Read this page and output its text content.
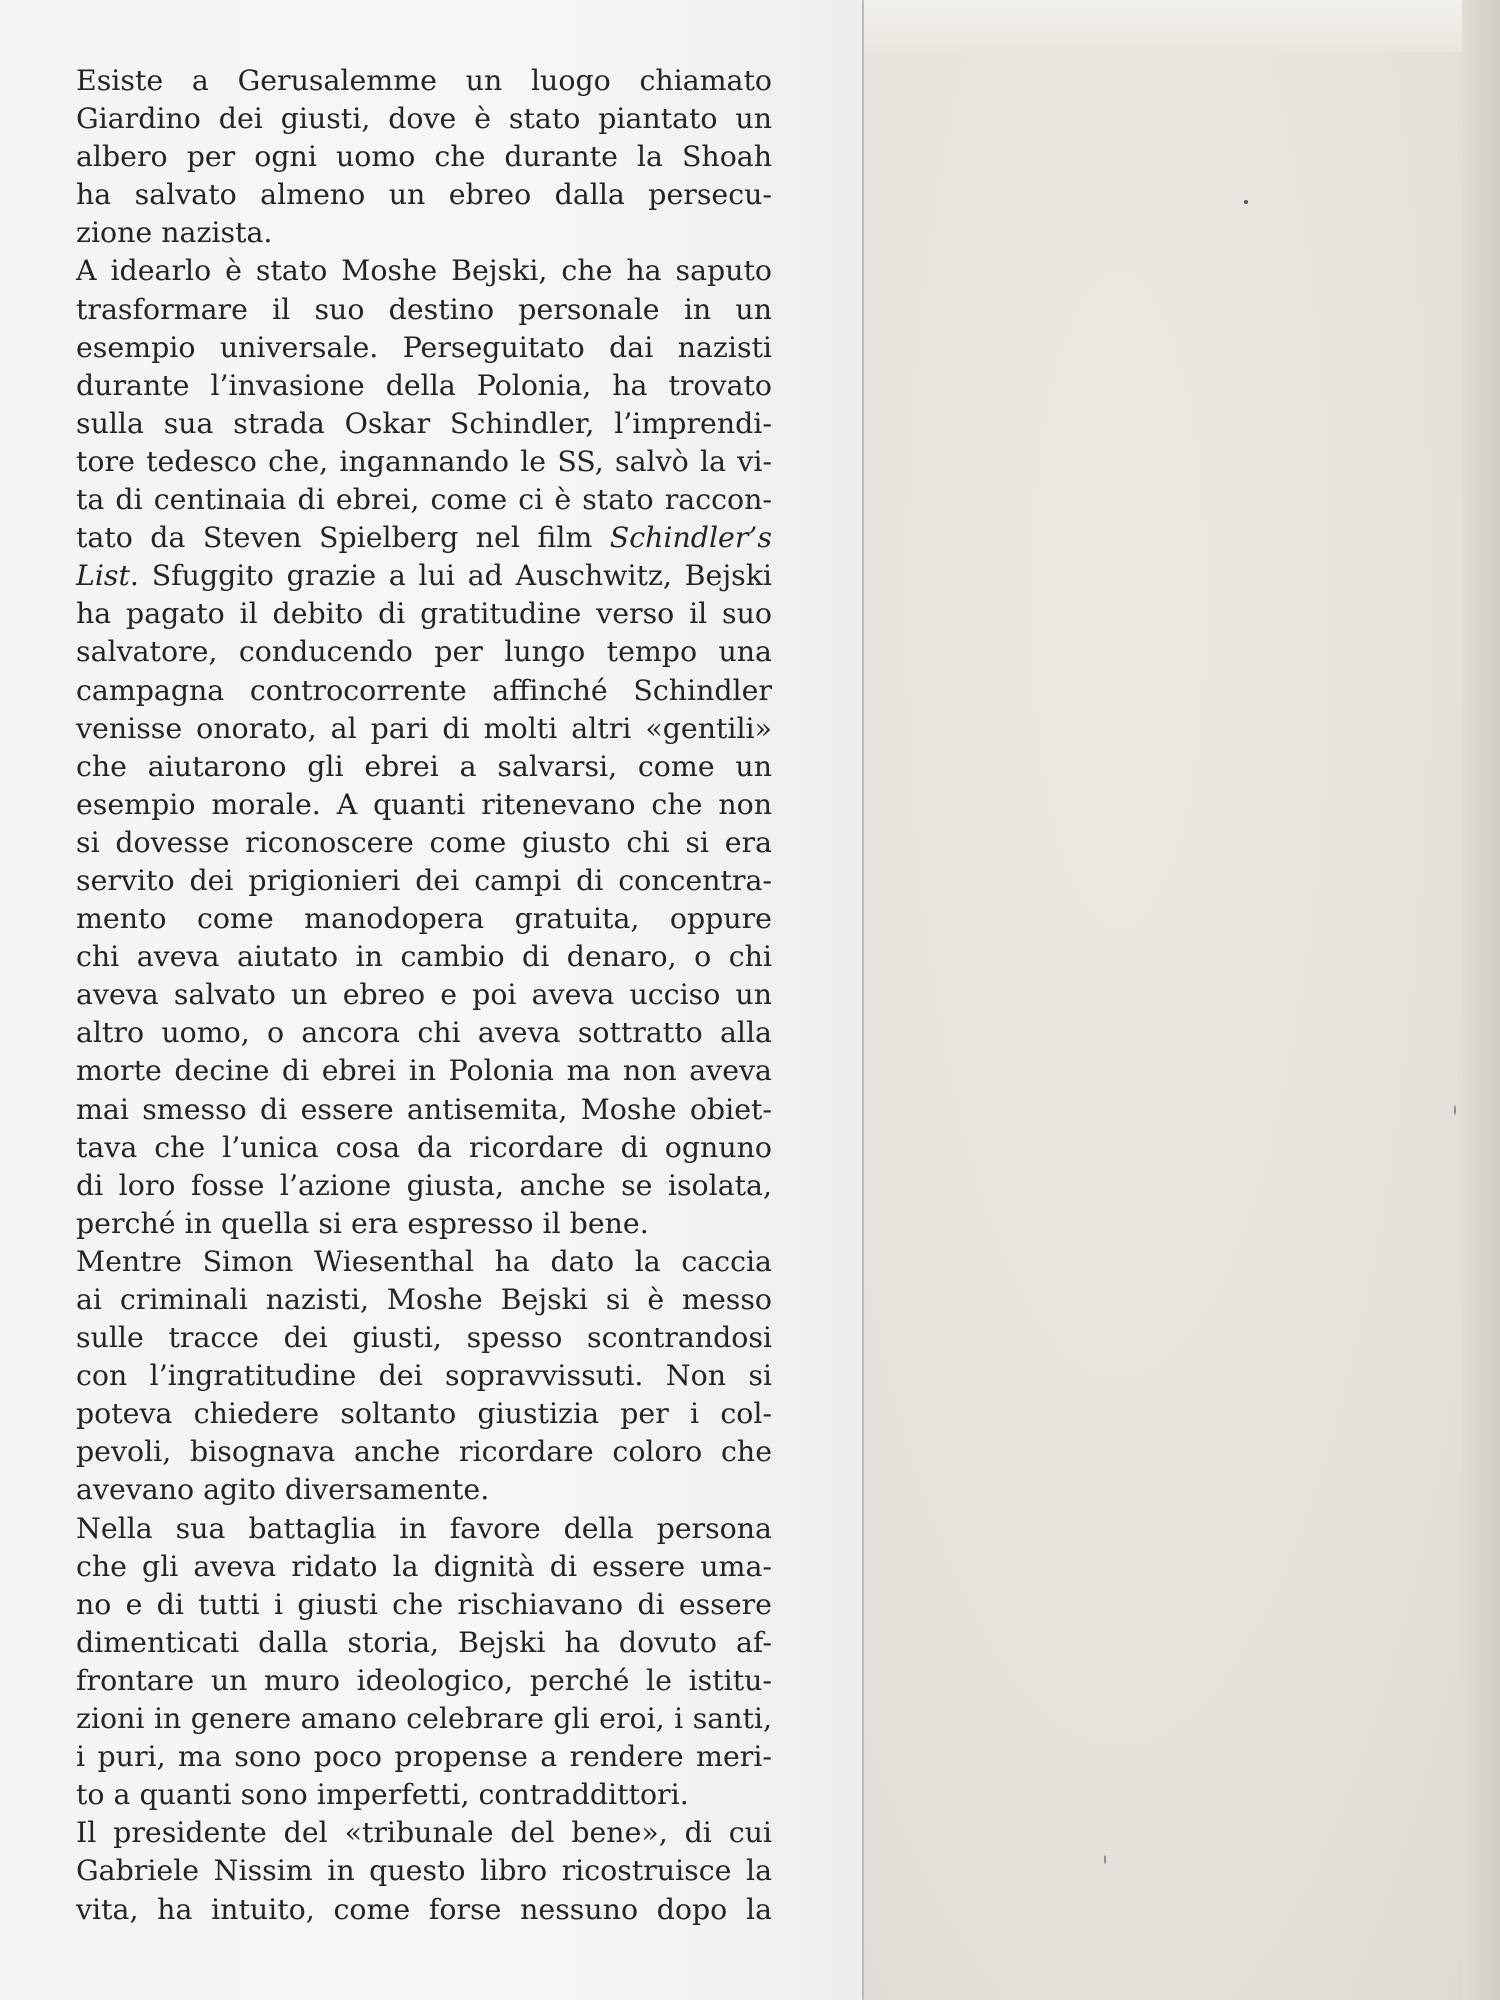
Esiste a Gerusalemme un luogo chiamato
Giardino dei giusti, dove è stato piantato un
albero per ogni uomo che durante la Shoah
ha salvato almeno un ebreo dalla persecu-
zione nazista.

A idearlo è stato Moshe Bejski, che ha saputo
trasformare il suo destino personale in un
esempio universale. Perseguitato dai nazisti
durante l’invasione della Polonia, ha trovato
sulla sua strada Oskar Schindler, l’imprendi-
tore tedesco che, ingannando le SS, salvò la vi-
ta di centinaia di ebrei, come ci è stato raccon-
tato da Steven Spielberg nel film Schindler’s
List. Sfuggito grazie a lui ad Auschwitz, Bejski
ha pagato il debito di gratitudine verso il suo
salvatore, conducendo per lungo tempo una
campagna controcorrente affinché Schindler
venisse onorato, al pari di molti altri «gentili»
che aiutarono gli ebrei a salvarsi, come un
esempio morale. A quanti ritenevano che non
si dovesse riconoscere come giusto chi si era
servito dei prigionieri dei campi di concentra-
mento come manodopera gratuita, oppure
chi aveva aiutato in cambio di denaro, o chi
aveva salvato un ebreo e poi aveva ucciso un
altro uomo, o ancora chi aveva sottratto alla
morte decine di ebrei in Polonia ma non aveva
mai smesso di essere antisemita, Moshe obiet-
tava che l’unica cosa da ricordare di ognuno
di loro fosse l’azione giusta, anche se isolata,
perché in quella si era espresso il bene.

Mentre Simon Wiesenthal ha dato la caccia
ai criminali nazisti, Moshe Bejski si è messo
sulle tracce dei giusti, spesso scontrandosi
con l’ingratitudine dei sopravvissuti. Non si
poteva chiedere soltanto giustizia per i col-
pevoli, bisognava anche ricordare coloro che
avevano agito diversamente.

Nella sua battaglia in favore della persona
che gli aveva ridato la dignità di essere uma-
no e di tutti i giusti che rischiavano di essere
dimenticati dalla storia, Bejski ha dovuto af-
frontare un muro ideologico, perché le istitu-
zioni in genere amano celebrare gli eroi, i santi,
i puri, ma sono poco propense a rendere meri-
to a quanti sono imperfetti, contraddittori.

Il presidente del «tribunale del bene», di cui
Gabriele Nissim in questo libro ricostruisce la
vita, ha intuito, come forse nessuno dopo la
